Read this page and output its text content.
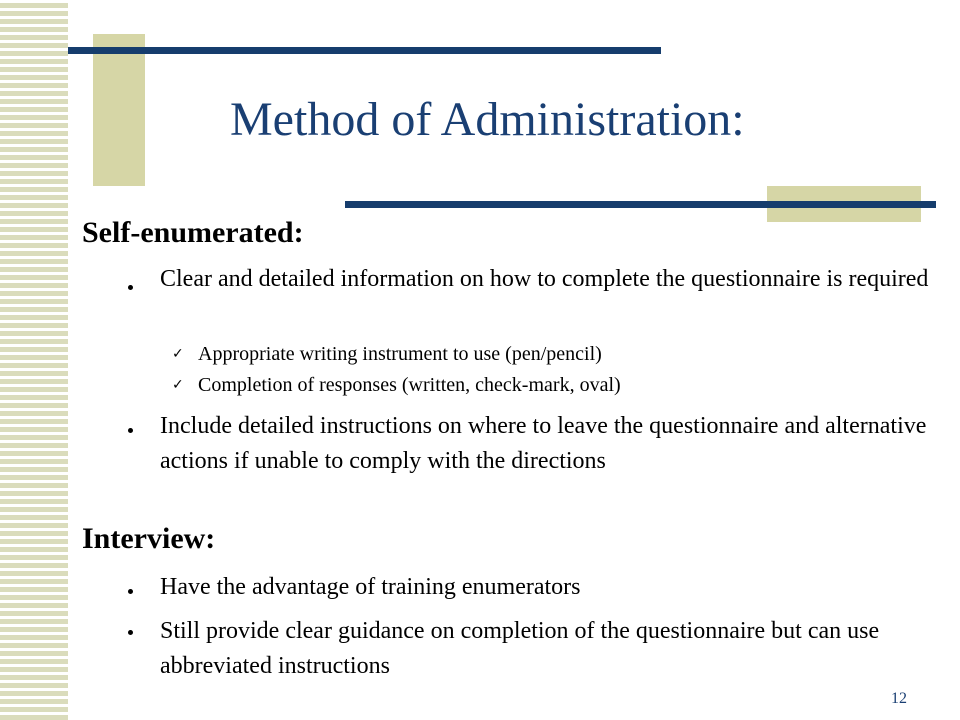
Method of Administration:
Self-enumerated:

Clear and detailed information on how to complete the questionnaire is required

✓ Appropriate writing instrument to use (pen/pencil)

✓ Completion of responses (written, check-mark, oval)

Include detailed instructions on where to leave the questionnaire and alternative actions if unable to comply with the directions

Interview:

Have the advantage of training enumerators

Still provide clear guidance on completion of the questionnaire but can use abbreviated instructions

12
